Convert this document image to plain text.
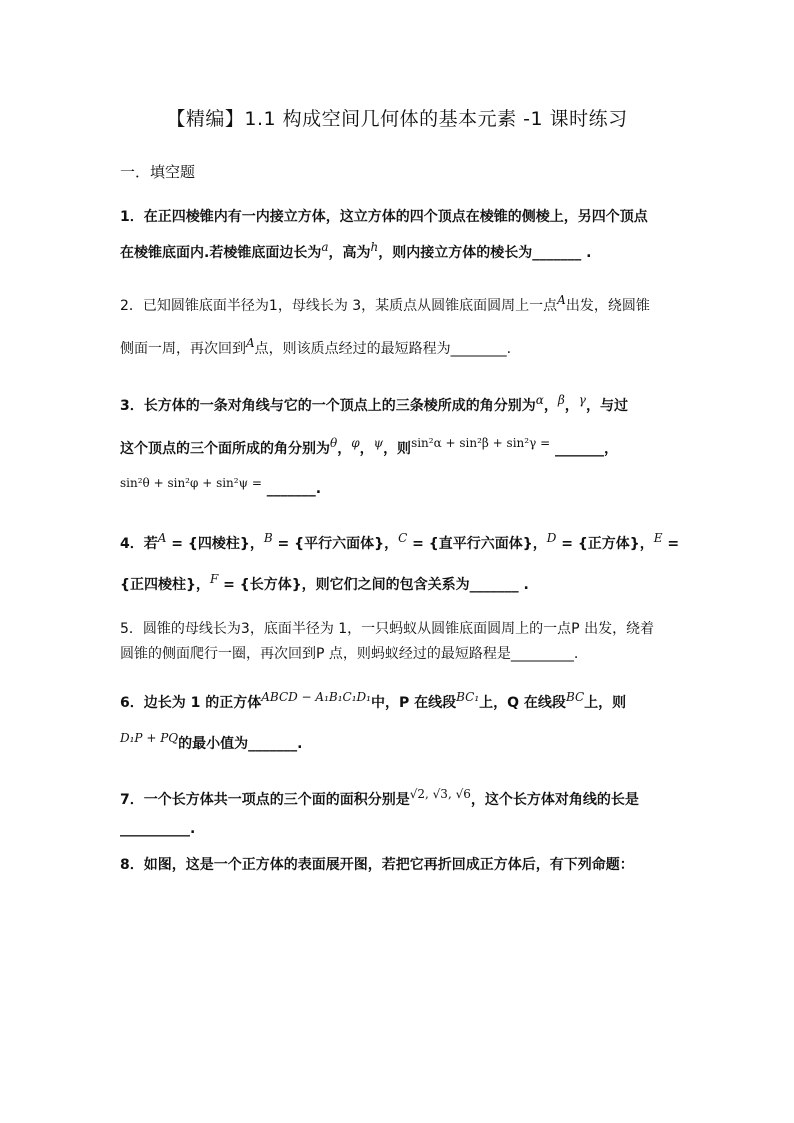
【精编】1.1 构成空间几何体的基本元素 -1 课时练习
一．填空题
1．在正四棱锥内有一内接立方体，这立方体的四个顶点在棱锥的侧棱上，另四个顶点
在棱锥底面内.若棱锥底面边长为a，高为h，则内接立方体的棱长为_______ .
2．已知圆锥底面半径为1，母线长为 3，某质点从圆锥底面圆周上一点A出发，绕圆锥
侧面一周，再次回到A点，则该质点经过的最短路程为________.
3．长方体的一条对角线与它的一个顶点上的三条棱所成的角分别为α，β，γ，与过
这个顶点的三个面所成的角分别为θ，φ，ψ，则sin²α + sin²β + sin²γ = _______，
sin²θ + sin²φ + sin²ψ = _______.
4．若A = {四棱柱}，B = {平行六面体}，C = {直平行六面体}，D = {正方体}，E =
{正四棱柱}，F = {长方体}，则它们之间的包含关系为_______ .
5．圆锥的母线长为3，底面半径为 1，一只蚂蚁从圆锥底面圆周上的一点P 出发，绕着
圆锥的侧面爬行一圈，再次回到P 点，则蚂蚁经过的最短路程是_________.
6．边长为 1 的正方体ABCD − A₁B₁C₁D₁中，P 在线段BC₁上，Q 在线段BC上，则
D₁P + PQ的最小值为_______.
7．一个长方体共一项点的三个面的面积分别是√2, √3, √6，这个长方体对角线的长是
__________.
8．如图，这是一个正方体的表面展开图，若把它再折回成正方体后，有下列命题：
